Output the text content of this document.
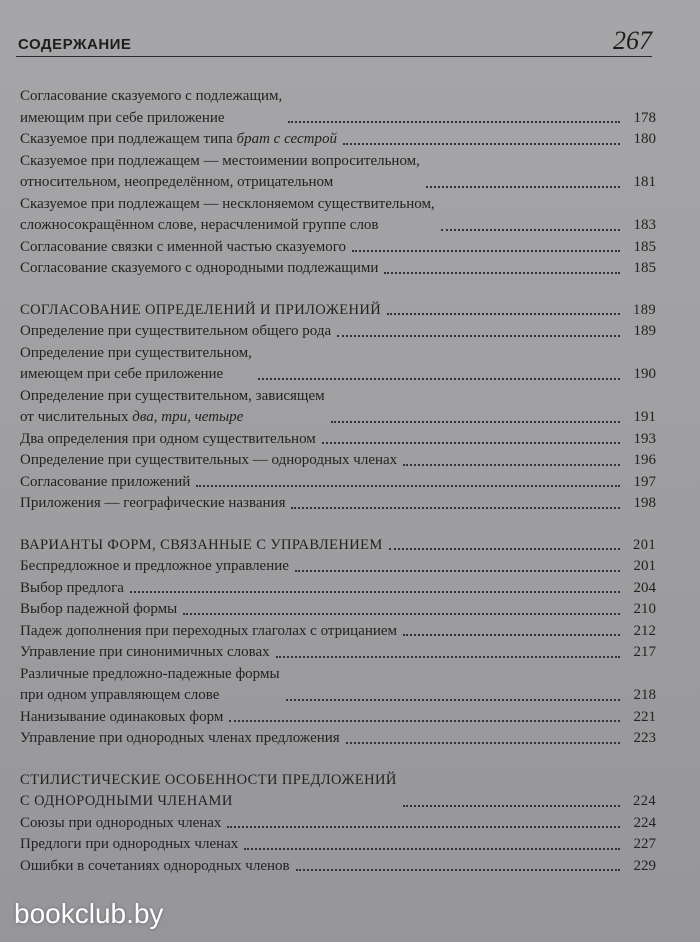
СОДЕРЖАНИЕ	267
Согласование сказуемого с подлежащим,
имеющим при себе приложение	178
Сказуемое при подлежащем типа брат с сестрой	180
Сказуемое при подлежащем — местоимении вопросительном,
относительном, неопределённом, отрицательном	181
Сказуемое при подлежащем — несклоняемом существительном,
сложносокращённом слове, нерасчленимой группе слов	183
Согласование связки с именной частью сказуемого	185
Согласование сказуемого с однородными подлежащими	185
СОГЛАСОВАНИЕ ОПРЕДЕЛЕНИЙ И ПРИЛОЖЕНИЙ	189
Определение при существительном общего рода	189
Определение при существительном,
имеющем при себе приложение	190
Определение при существительном, зависящем
от числительных два, три, четыре	191
Два определения при одном существительном	193
Определение при существительных — однородных членах	196
Согласование приложений	197
Приложения — географические названия	198
ВАРИАНТЫ ФОРМ, СВЯЗАННЫЕ С УПРАВЛЕНИЕМ	201
Беспредложное и предложное управление	201
Выбор предлога	204
Выбор падежной формы	210
Падеж дополнения при переходных глаголах с отрицанием	212
Управление при синонимичных словах	217
Различные предложно-падежные формы
при одном управляющем слове	218
Нанизывание одинаковых форм	221
Управление при однородных членах предложения	223
СТИЛИСТИЧЕСКИЕ ОСОБЕННОСТИ ПРЕДЛОЖЕНИЙ
С ОДНОРОДНЫМИ ЧЛЕНАМИ	224
Союзы при однородных членах	224
Предлоги при однородных членах	227
Ошибки в сочетаниях однородных членов	229
bookclub.by
